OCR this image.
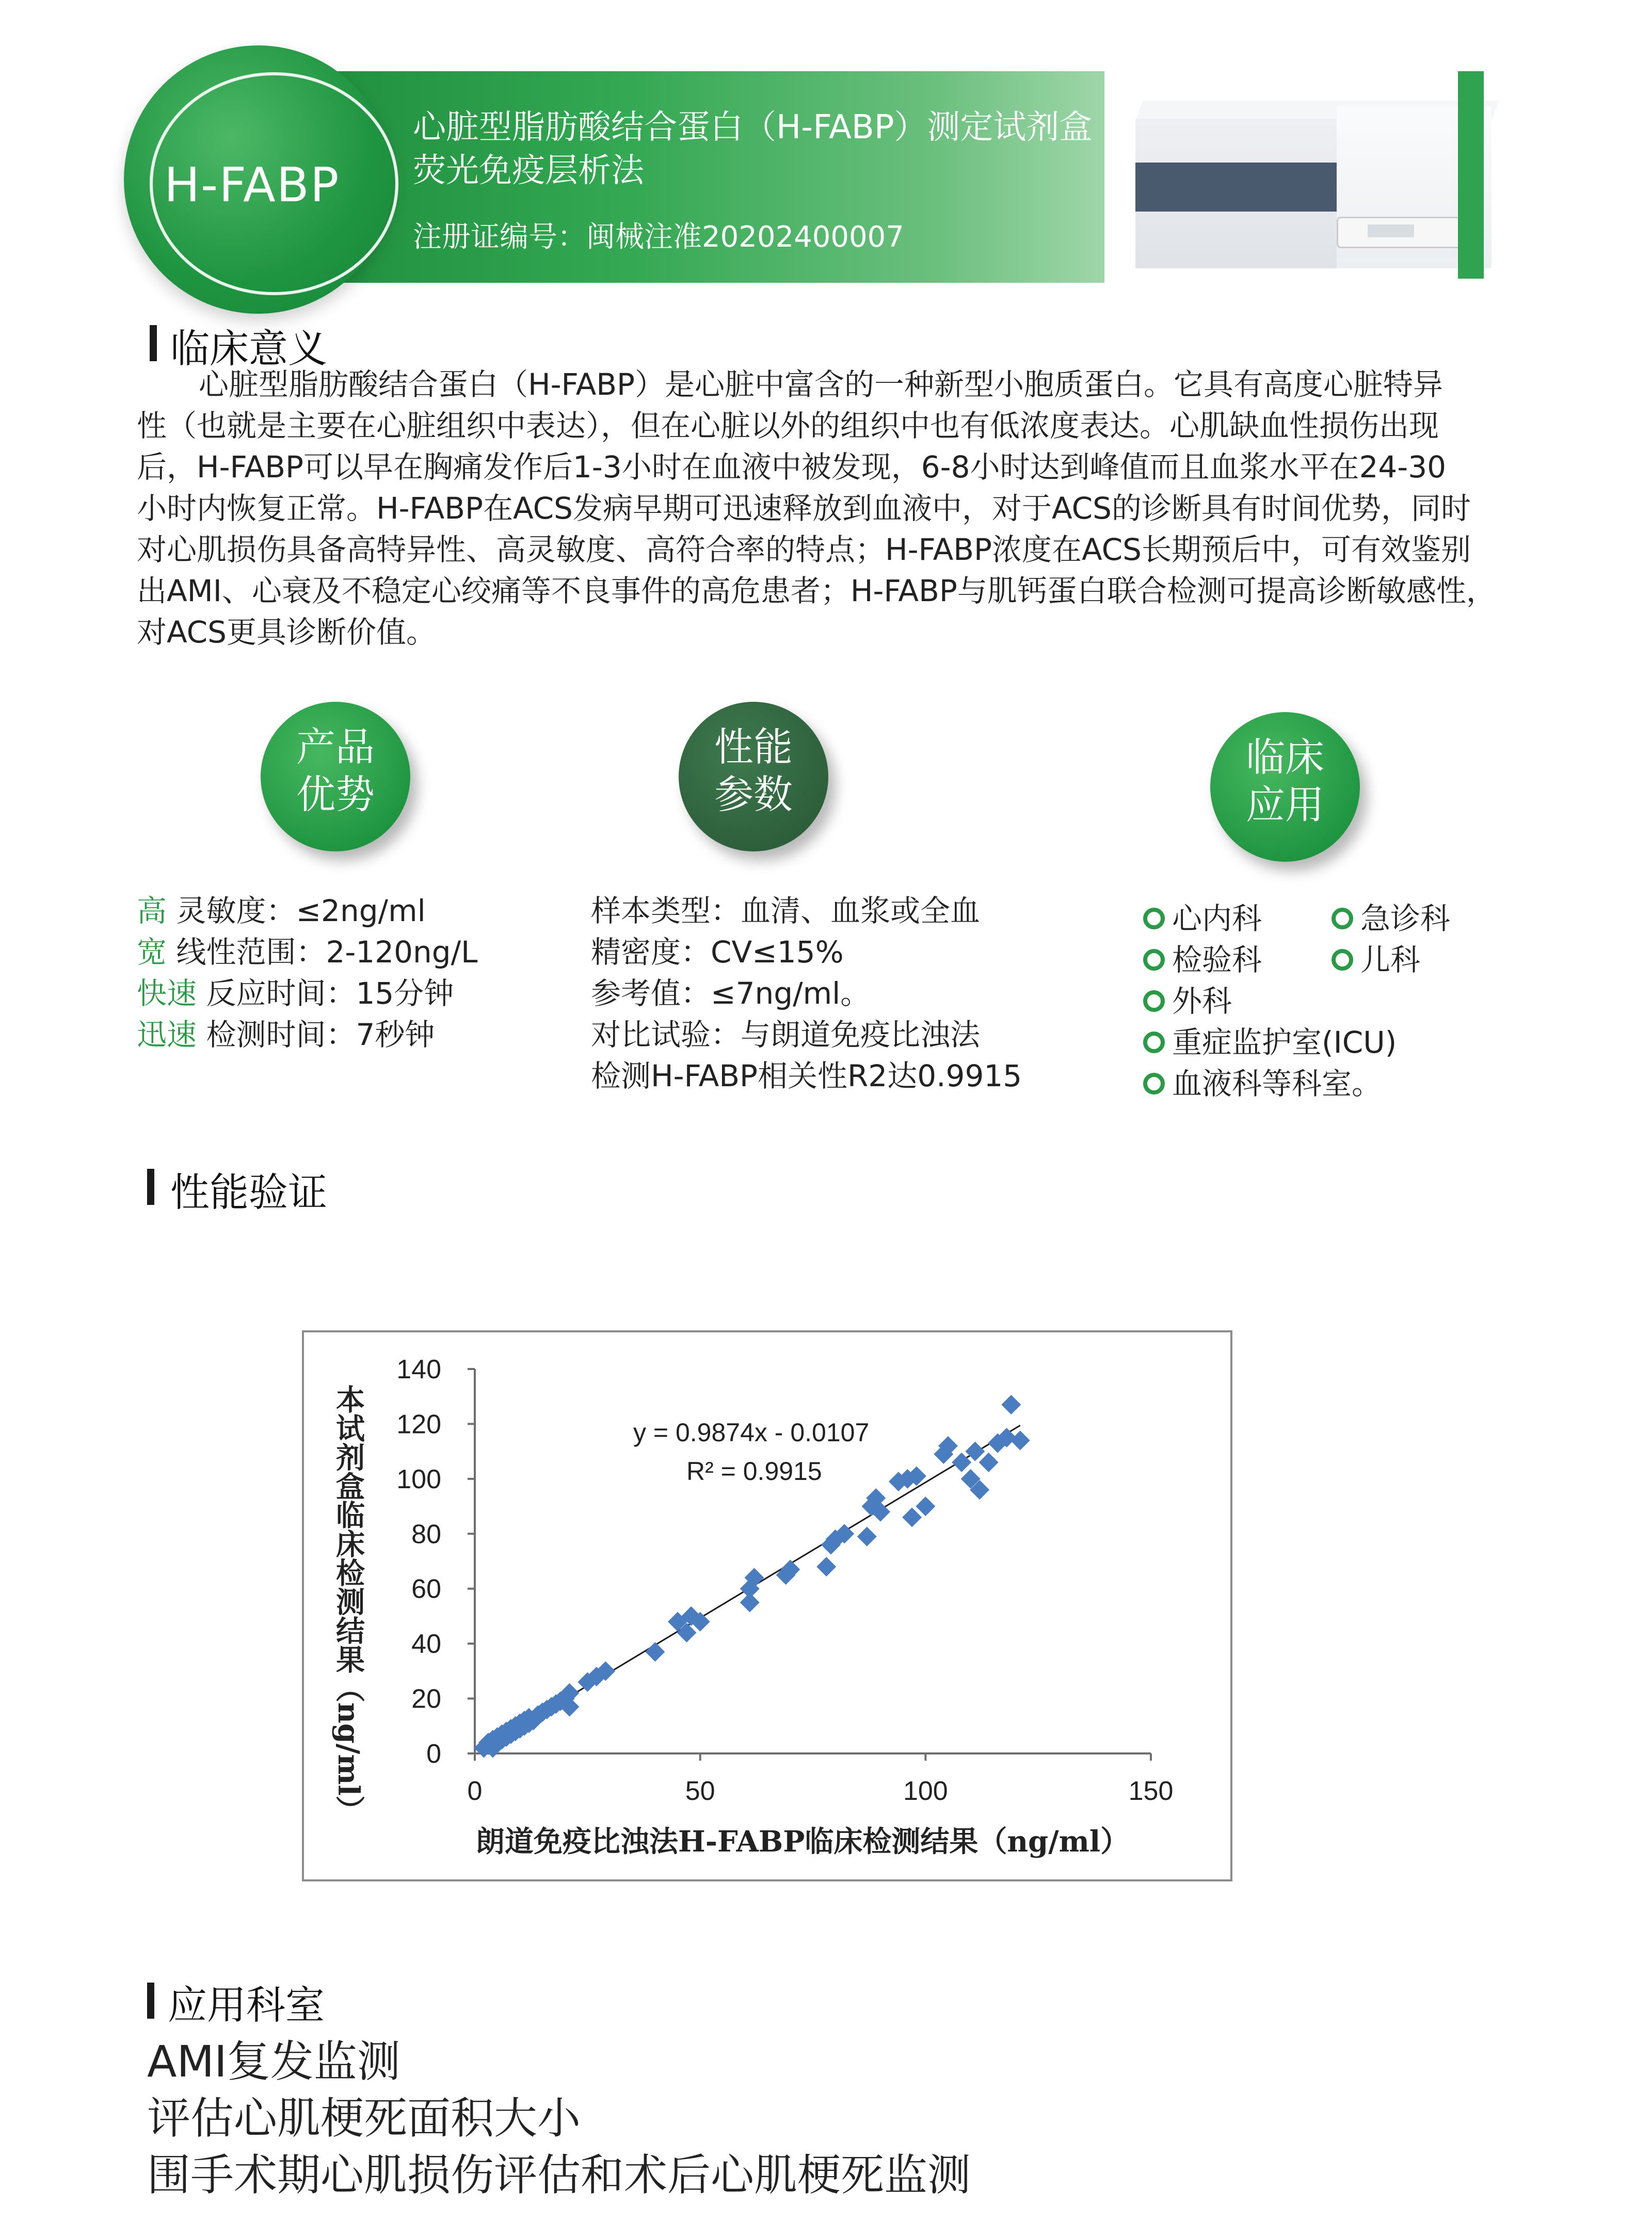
H-FABP
心脏型脂肪酸结合蛋白（H-FABP）测定试剂盒
荧光免疫层析法
注册证编号：闽械注准20202400007
临床意义

心脏型脂肪酸结合蛋白（H-FABP）是心脏中富含的一种新型小胞质蛋白。它具有高度心脏特异

性（也就是主要在心脏组织中表达），但在心脏以外的组织中也有低浓度表达。心肌缺血性损伤出现

后，H-FABP可以早在胸痛发作后1-3小时在血液中被发现，6-8小时达到峰值而且血浆水平在24-30

小时内恢复正常。H-FABP在ACS发病早期可迅速释放到血液中，对于ACS的诊断具有时间优势，同时

对心肌损伤具备高特异性、高灵敏度、高符合率的特点；H-FABP浓度在ACS长期预后中，可有效鉴别

出AMI、心衰及不稳定心绞痛等不良事件的高危患者；H-FABP与肌钙蛋白联合检测可提高诊断敏感性，

对ACS更具诊断价值。

产品
优势
性能
参数
临床
应用
高 灵敏度：≤2ng/ml
宽 线性范围：2-120ng/L
快速 反应时间：15分钟
迅速 检测时间：7秒钟
样本类型：血清、血浆或全血
精密度：CV≤15%
参考值：≤7ng/ml。
对比试验：与朗道免疫比浊法
检测H-FABP相关性R2达0.9915
心内科	急诊科
检验科	儿科
外科
重症监护室(ICU)
血液科等科室。
性能验证
0	50	100	150
0
20
40
60
80
100
120
140
y = 0.9874x - 0.0107
R² = 0.9915
朗道免疫比浊法H-FABP临床检测结果（ng/ml）
本试剂盒临床检测结果（ng/ml）
应用科室
AMI复发监测
评估心肌梗死面积大小
围手术期心肌损伤评估和术后心肌梗死监测
